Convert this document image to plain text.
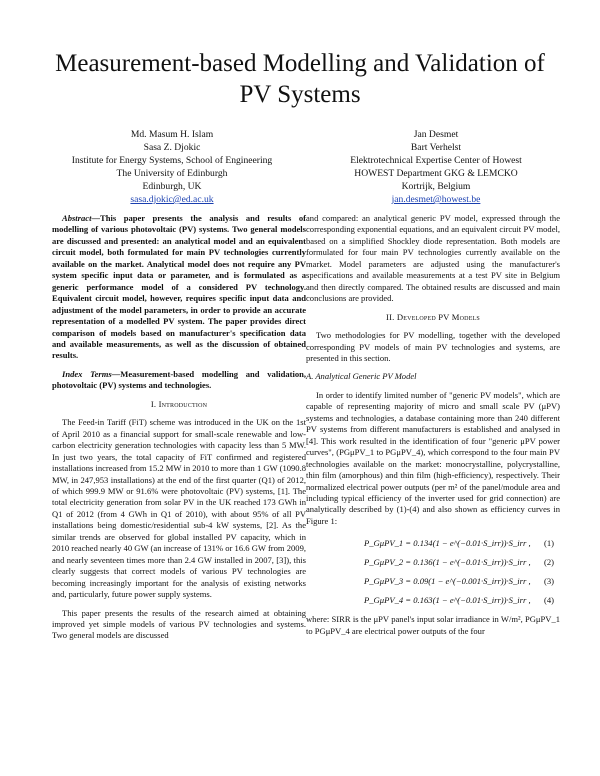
Measurement-based Modelling and Validation of PV Systems
Md. Masum H. Islam
Sasa Z. Djokic
Institute for Energy Systems, School of Engineering
The University of Edinburgh
Edinburgh, UK
sasa.djokic@ed.ac.uk
Jan Desmet
Bart Verhelst
Elektrotechnical Expertise Center of Howest
HOWEST Department GKG & LEMCKO
Kortrijk, Belgium
jan.desmet@howest.be

Abstract—This paper presents the analysis and results of modelling of various photovoltaic (PV) systems. Two general models are discussed and presented: an analytical model and an equivalent circuit model, both formulated for main PV technologies currently available on the market. Analytical model does not require any PV system specific input data or parameter, and is formulated as a generic performance model of a considered PV technology. Equivalent circuit model, however, requires specific input data and adjustment of the model parameters, in order to provide an accurate representation of a modelled PV system. The paper provides direct comparison of models based on manufacturer's specification data and available measurements, as well as the discussion of obtained results.

Index Terms—Measurement-based modelling and validation, photovoltaic (PV) systems and technologies.

I. Introduction

The Feed-in Tariff (FiT) scheme was introduced in the UK on the 1st of April 2010 as a financial support for small-scale renewable and low-carbon electricity generation technologies with capacity less than 5 MW. In just two years, the total capacity of FiT confirmed and registered installations increased from 15.2 MW in 2010 to more than 1 GW (1090.8 MW, in 247,953 installations) at the end of the first quarter (Q1) of 2012, of which 999.9 MW or 91.6% were photovoltaic (PV) systems, [1]. The total electricity generation from solar PV in the UK reached 173 GWh in Q1 of 2012 (from 4 GWh in Q1 of 2010), with about 95% of all PV installations being domestic/residential sub-4 kW systems, [2]. As the similar trends are observed for global installed PV capacity, which in 2010 reached nearly 40 GW (an increase of 131% or 16.6 GW from 2009, and nearly seventeen times more than 2.4 GW installed in 2007, [3]), this clearly suggests that correct models of various PV technologies are becoming increasingly important for the analysis of existing networks and, particularly, future power supply systems.

This paper presents the results of the research aimed at obtaining improved yet simple models of various PV technologies and systems. Two general models are discussed

and compared: an analytical generic PV model, expressed through the corresponding exponential equations, and an equivalent circuit PV model, based on a simplified Shockley diode representation. Both models are formulated for four main PV technologies currently available on the market. Model parameters are adjusted using the manufacturer's specifications and available measurements at a test PV site in Belgium and then directly compared. The obtained results are discussed and main conclusions are provided.

II. Developed PV Models

Two methodologies for PV modelling, together with the developed corresponding PV models of main PV technologies and systems, are presented in this section.

A. Analytical Generic PV Model

In order to identify limited number of "generic PV models", which are capable of representing majority of micro and small scale PV (μPV) systems and technologies, a database containing more than 240 different PV systems from different manufacturers is established and analysed in [4]. This work resulted in the identification of four "generic μPV power curves", (PGμPV_1 to PGμPV_4), which correspond to the four main PV technologies available on the market: monocrystalline, polycrystalline, thin film (amorphous) and thin film (high-efficiency), respectively. Their normalized electrical power outputs (per m² of the panel/module area and including typical efficiency of the inverter used for grid connection) are analytically described by (1)-(4) and also shown as efficiency curves in Figure 1:

P_GμPV_1 = 0.134(1 − e^(−0.01·S_irr))·S_irr , (1)
P_GμPV_2 = 0.136(1 − e^(−0.01·S_irr))·S_irr , (2)
P_GμPV_3 = 0.09(1 − e^(−0.001·S_irr))·S_irr , (3)
P_GμPV_4 = 0.163(1 − e^(−0.01·S_irr))·S_irr , (4)

where: SIRR is the μPV panel's input solar irradiance in W/m², PGμPV_1 to PGμPV_4 are electrical power outputs of the four
